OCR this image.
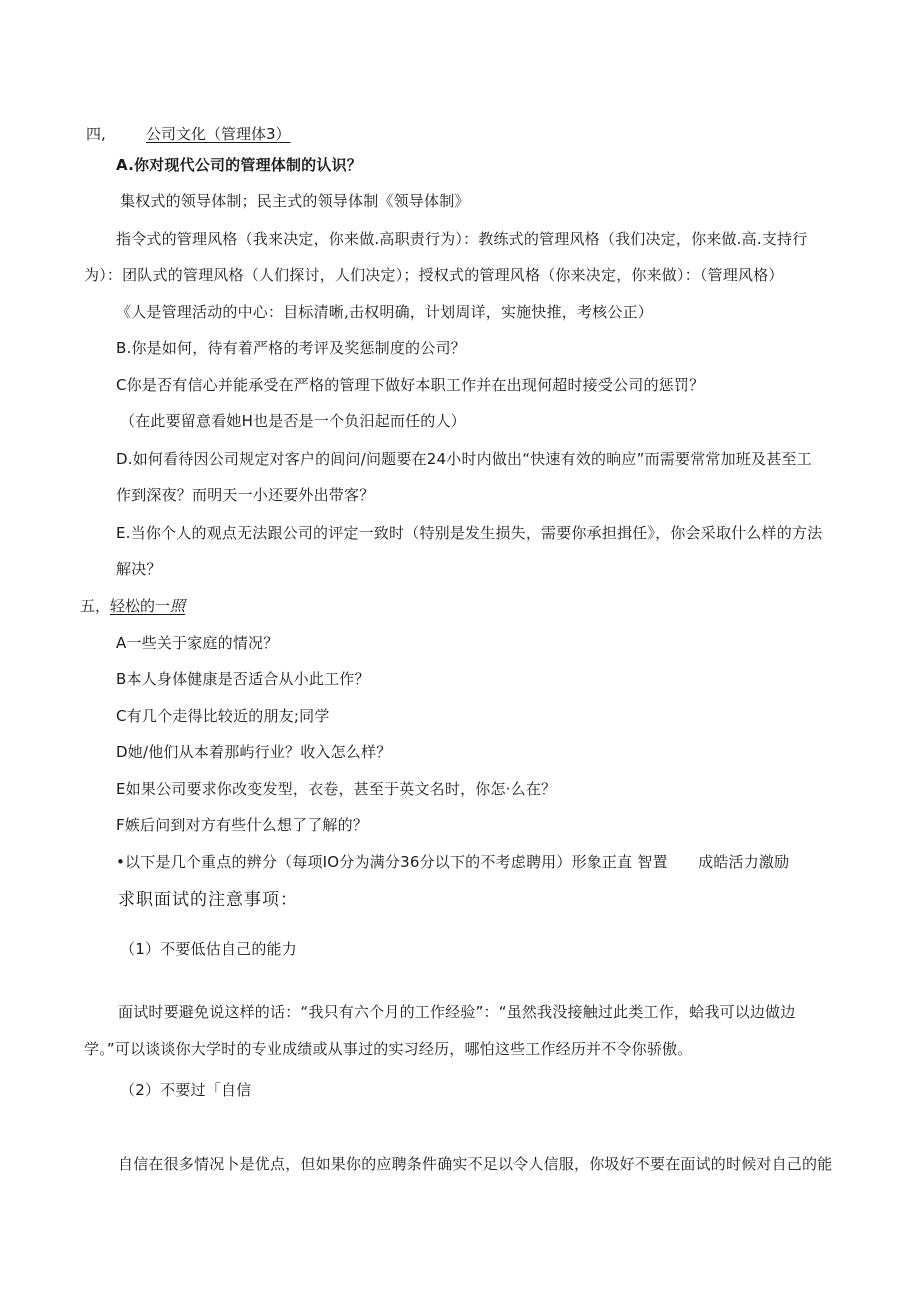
四,	公司文化（管理体3）
A.你对现代公司的管理体制的认识？
集权式的领导体制；民主式的领导体制《领导体制》
指令式的管理风格（我来决定，你来做.高职责行为）：教练式的管理风格（我们决定，你来做.高.支持行
为）：团队式的管理风格（人们探讨，人们决定）；授权式的管理风格（你来决定，你来做）：（管理风格）
《人是管理活动的中心：目标清晰,击权明确，计划周详，实施快推，考核公正）
B.你是如何，待有着严格的考评及奖惩制度的公司？
C你是否有信心并能承受在严格的管理下做好本职工作并在出现何超时接受公司的惩罚？
（在此要留意看她H也是否是一个负汨起而任的人）
D.如何看待因公司规定对客户的闾问/问题要在24小时内做出“快速有效的晌应”而需要常常加班及甚至工
作到深夜？而明天一小还要外出带客？
E.当你个人的观点无法跟公司的评定一致时（特别是发生损失，需要你承担揖任》，你会采取什么样的方法
解决？
五，轻松的一照
A一些关于家庭的情况？
B本人身体健康是否适合从小此工作？
C有几个走得比较近的朋友;同学
D她/他们从本着那屿行业？收入怎么样？
E如果公司要求你改变发型，衣卷，甚至于英文名时，你怎·么在？
F嫉后问到对方有些什么想了了解的？
•以下是几个重点的辨分（每项IO分为满分36分以下的不考虑聘用）形象正直 智置　　成皓活力激励
求职面试的注意事项：
（1）不要低估自己的能力
面试时要避免说这样的话：“我只有六个月的工作经验”：“虽然我没接触过此类工作，蛤我可以边做边
学。”可以谈谈你大学时的专业成绩或从事过的实习经历，哪怕这些工作经历并不令你骄傲。
（2）不要过「自信
自信在很多情况卜是优点，但如果你的应聘条件确实不足以令人信服，你圾好不要在面试的时候对自己的能
